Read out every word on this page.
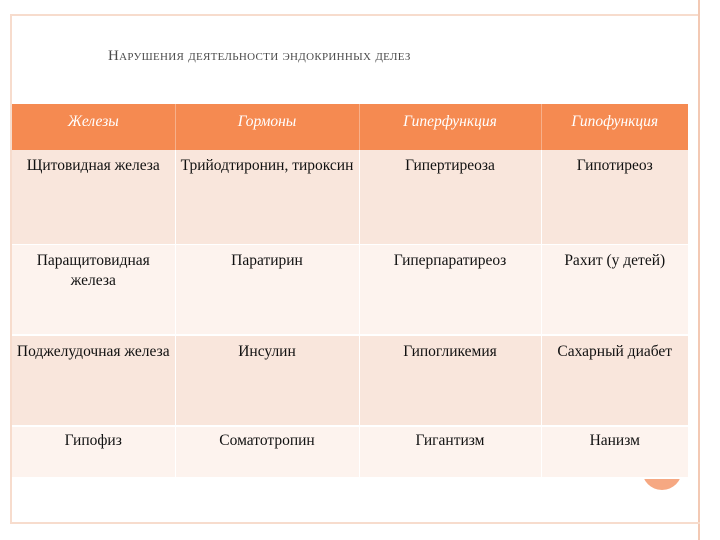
Нарушения деятельности эндокринных делез
Железы	Гормоны	Гиперфункция	Гипофункция
Щитовидная железа	Трийодтиронин, тироксин	Гипертиреоза	Гипотиреоз
Паращитовидная железа	Паратирин	Гиперпаратиреоз	Рахит (у детей)
Поджелудочная железа	Инсулин	Гипогликемия	Сахарный диабет
Гипофиз	Соматотропин	Гигантизм	Нанизм
